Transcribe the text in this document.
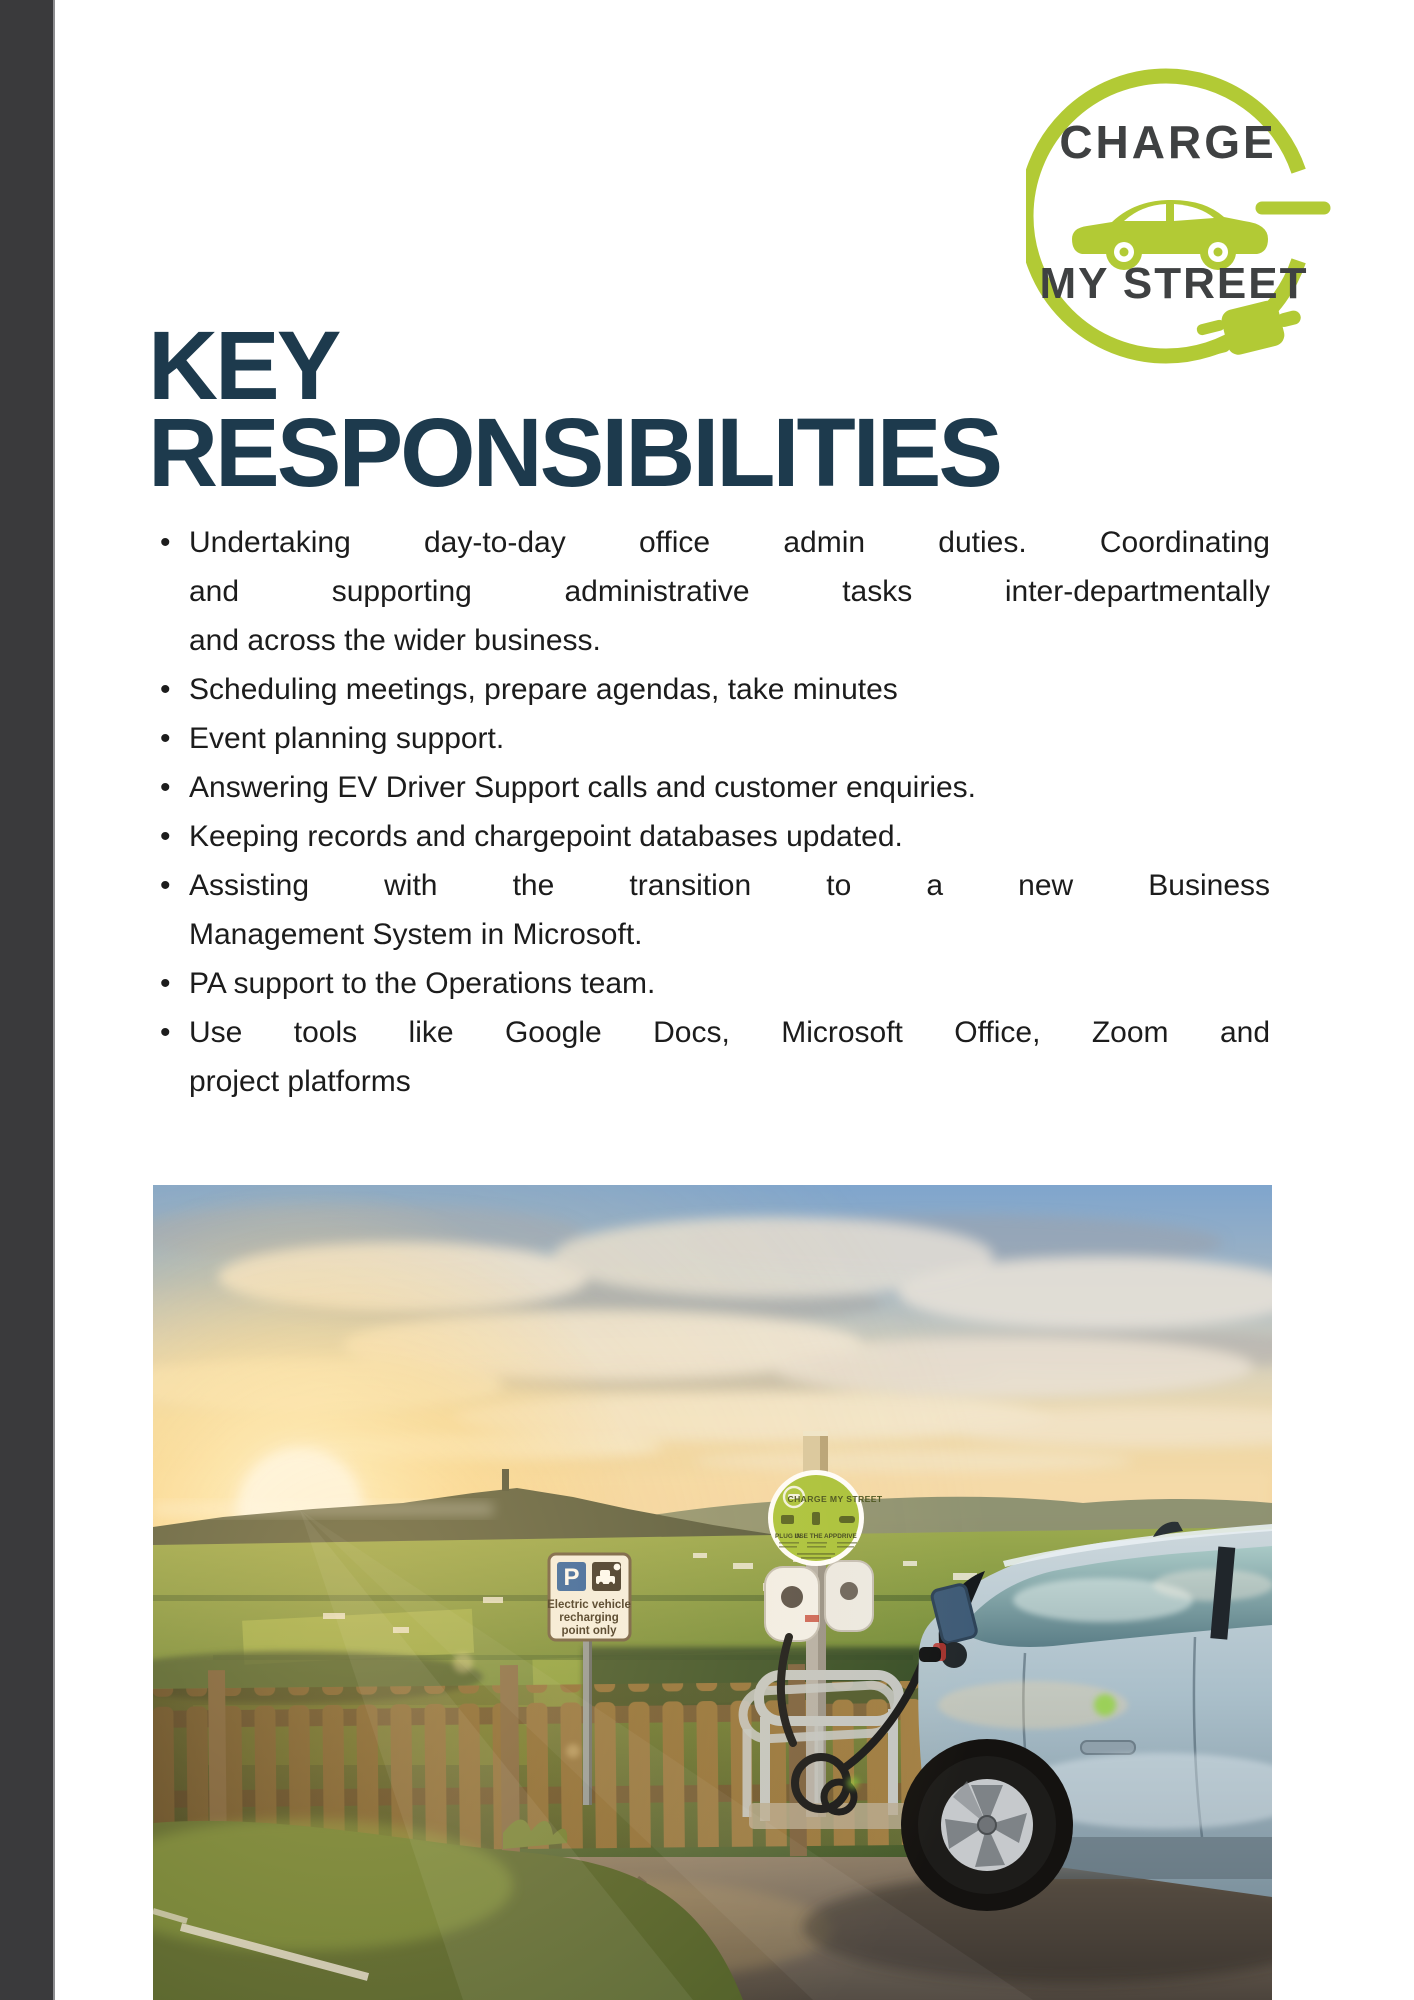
CHARGE
MY STREET
KEY
RESPONSIBILITIES
• Undertaking day-to-day office admin duties. Coordinating
and supporting administrative tasks inter-departmentally
and across the wider business.
• Scheduling meetings, prepare agendas, take minutes
• Event planning support.
• Answering EV Driver Support calls and customer enquiries.
• Keeping records and chargepoint databases updated.
• Assisting with the transition to a new Business
Management System in Microsoft.
• PA support to the Operations team.
• Use tools like Google Docs, Microsoft Office, Zoom and
project platforms
